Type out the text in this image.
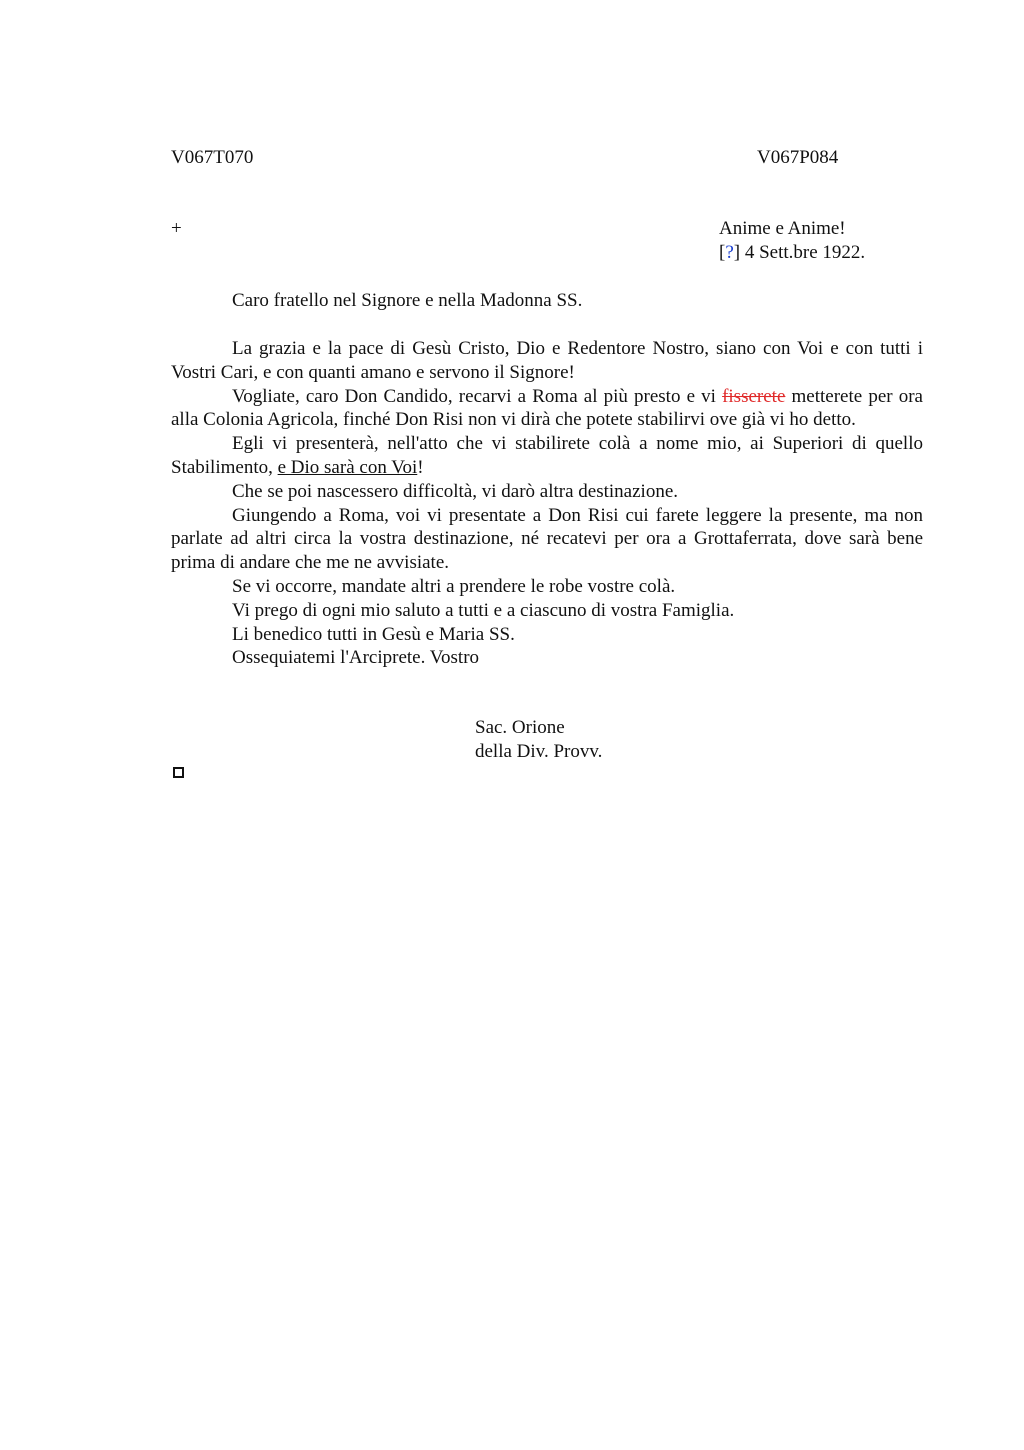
V067T070	V067P084
+	Anime e Anime!
[?] 4 Sett.bre 1922.
Caro fratello nel Signore e nella Madonna SS.

La grazia e la pace di Gesù Cristo, Dio e Redentore Nostro, siano con Voi e con tutti i Vostri Cari, e con quanti amano e servono il Signore!

Vogliate, caro Don Candido, recarvi a Roma al più presto e vi fisserete metterete per ora alla Colonia Agricola, finché Don Risi non vi dirà che potete stabilirvi ove già vi ho detto.

Egli vi presenterà, nell'atto che vi stabilirete colà a nome mio, ai Superiori di quello Stabilimento, e Dio sarà con Voi!

Che se poi nascessero difficoltà, vi darò altra destinazione.

Giungendo a Roma, voi vi presentate a Don Risi cui farete leggere la presente, ma non parlate ad altri circa la vostra destinazione, né recatevi per ora a Grottaferrata, dove sarà bene prima di andare che me ne avvisiate.

Se vi occorre, mandate altri a prendere le robe vostre colà.

Vi prego di ogni mio saluto a tutti e a ciascuno di vostra Famiglia.

Li benedico tutti in Gesù e Maria SS.

Ossequiatemi l'Arciprete. Vostro

Sac. Orione
della Div. Provv.
